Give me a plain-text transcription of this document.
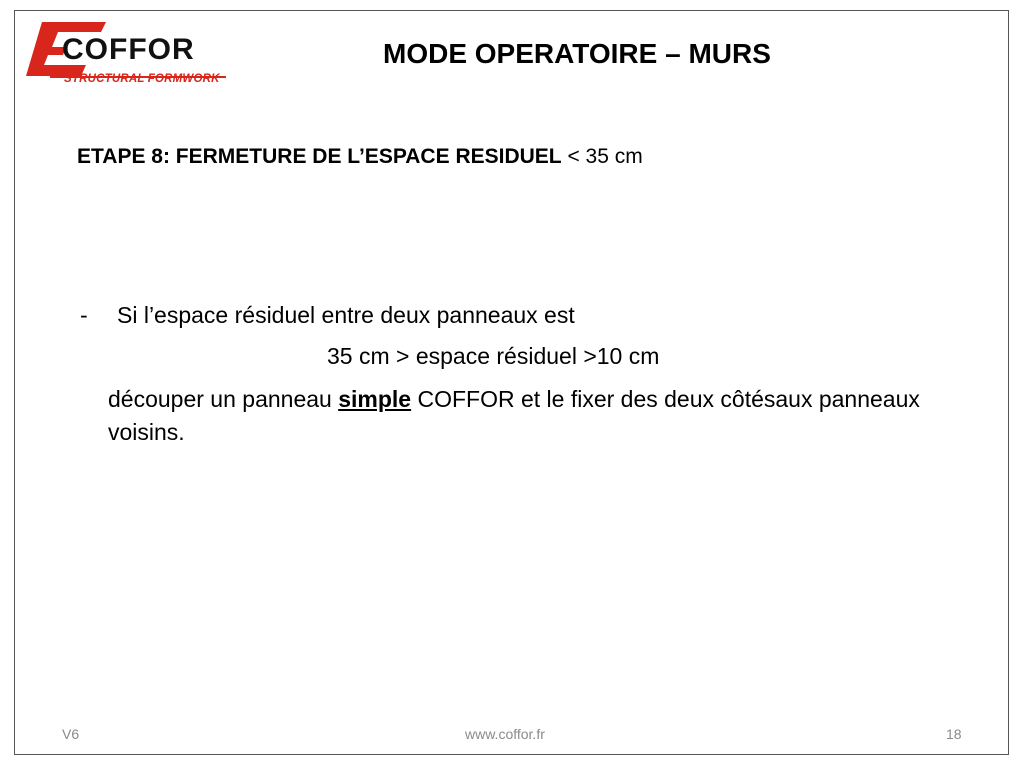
COFFOR
STRUCTURAL FORMWORK
MODE OPERATOIRE – MURS
ETAPE 8: FERMETURE DE L’ESPACE RESIDUEL < 35 cm
- Si l’espace résiduel entre deux panneaux est
35 cm > espace résiduel >10 cm
découper un panneau simple COFFOR et le fixer des deux côtésaux panneaux voisins.
V6	www.coffor.fr	18
